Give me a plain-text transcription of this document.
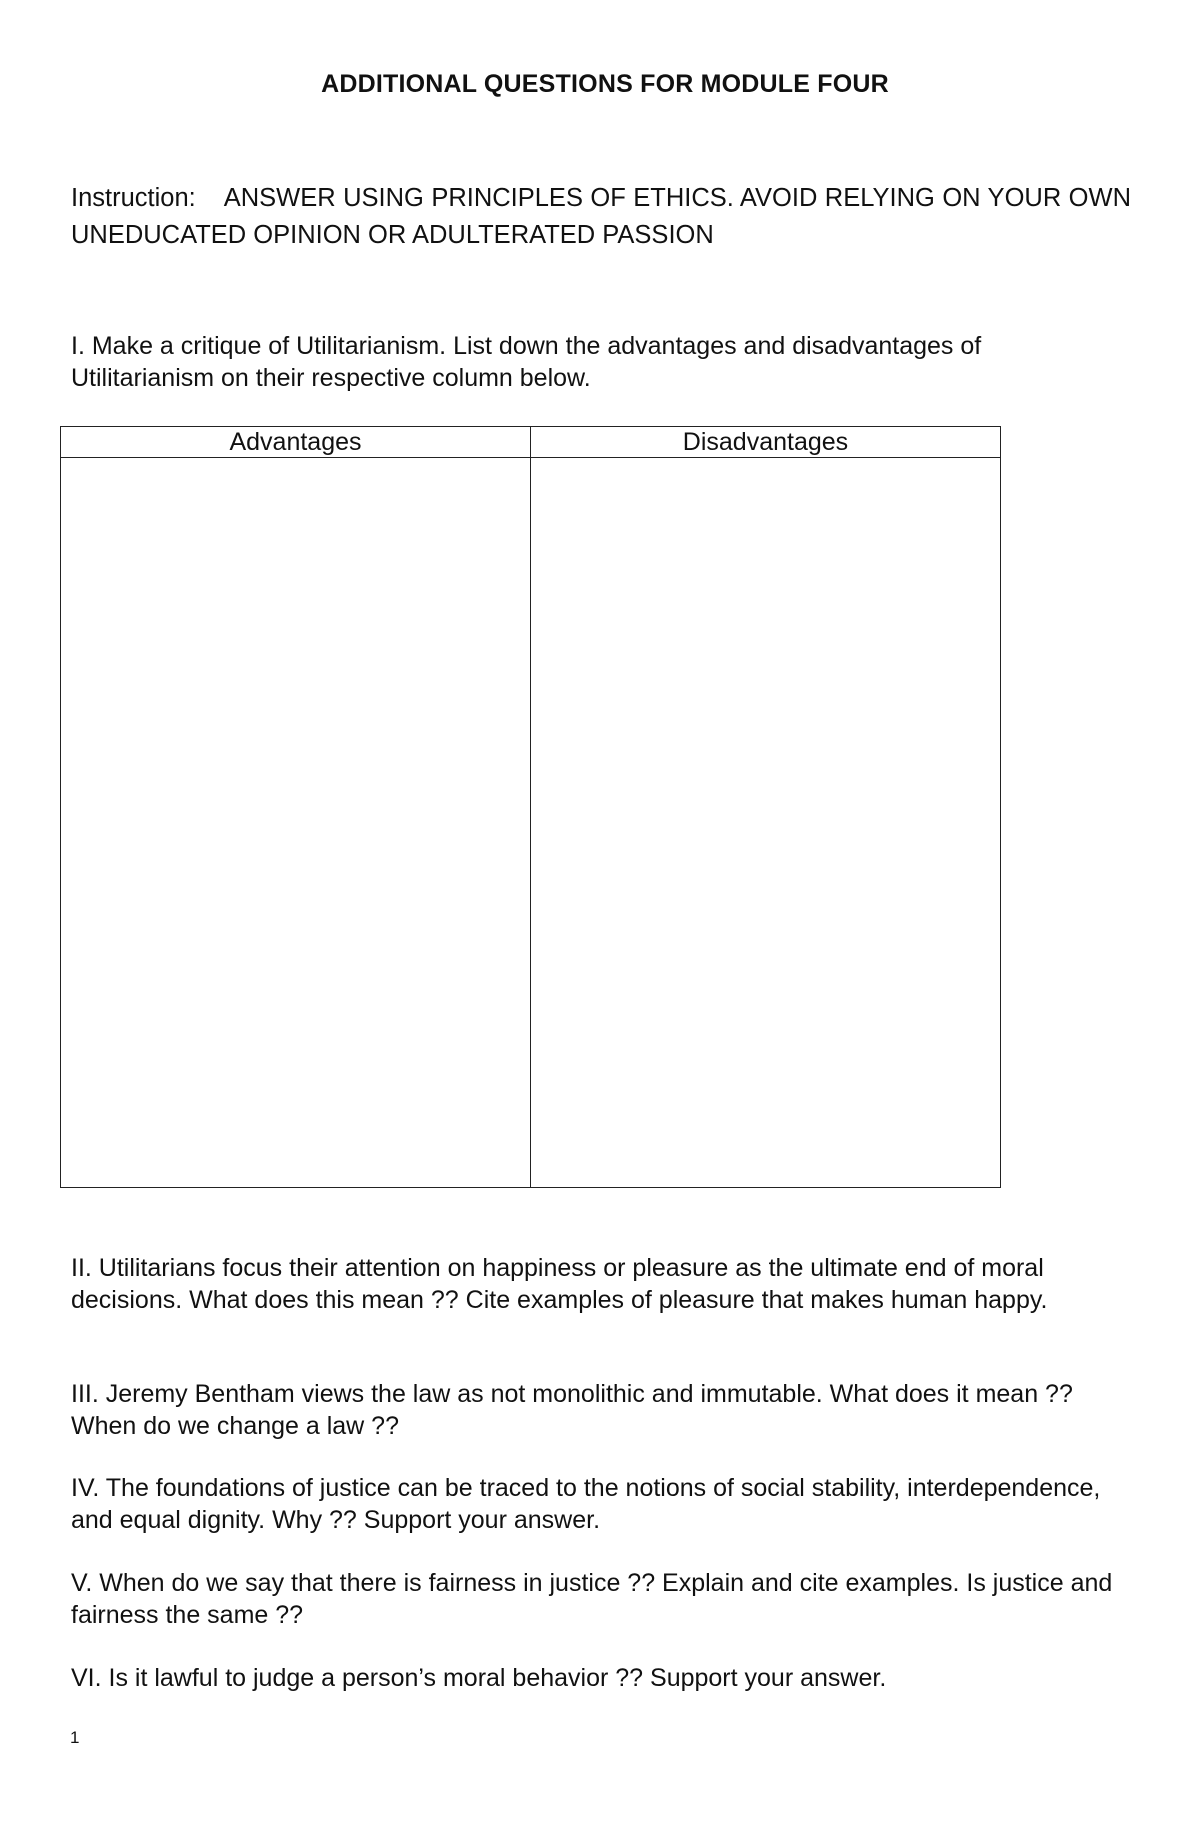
ADDITIONAL QUESTIONS FOR MODULE FOUR
Instruction: ANSWER USING PRINCIPLES OF ETHICS. AVOID RELYING ON YOUR OWN UNEDUCATED OPINION OR ADULTERATED PASSION
I. Make a critique of Utilitarianism. List down the advantages and disadvantages of Utilitarianism on their respective column below.
Advantages	Disadvantages

II. Utilitarians focus their attention on happiness or pleasure as the ultimate end of moral decisions. What does this mean ?? Cite examples of pleasure that makes human happy.
III. Jeremy Bentham views the law as not monolithic and immutable. What does it mean ?? When do we change a law ??
IV. The foundations of justice can be traced to the notions of social stability, interdependence, and equal dignity. Why ?? Support your answer.
V. When do we say that there is fairness in justice ?? Explain and cite examples. Is justice and fairness the same ??
VI. Is it lawful to judge a person’s moral behavior ?? Support your answer.
1
